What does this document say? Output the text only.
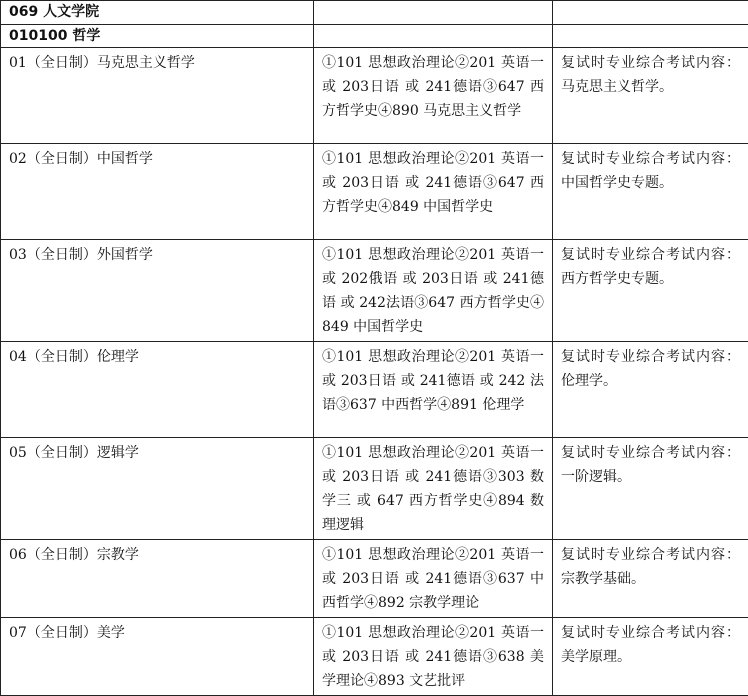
069 人文学院		
010100 哲学		
01（全日制）马克思主义哲学	①101 思想政治理论②201 英语一 或 203日语 或 241德语③647 西方哲学史④890 马克思主义哲学	复试时专业综合考试内容：马克思主义哲学。
02（全日制）中国哲学	①101 思想政治理论②201 英语一 或 203日语 或 241德语③647 西方哲学史④849 中国哲学史	复试时专业综合考试内容：中国哲学史专题。
03（全日制）外国哲学	①101 思想政治理论②201 英语一 或 202俄语 或 203日语 或 241德语 或 242法语③647 西方哲学史④849 中国哲学史	复试时专业综合考试内容：西方哲学史专题。
04（全日制）伦理学	①101 思想政治理论②201 英语一 或 203日语 或 241德语 或 242 法语③637 中西哲学④891 伦理学	复试时专业综合考试内容：伦理学。
05（全日制）逻辑学	①101 思想政治理论②201 英语一 或 203日语 或 241德语③303 数学三 或 647 西方哲学史④894 数理逻辑	复试时专业综合考试内容：一阶逻辑。
06（全日制）宗教学	①101 思想政治理论②201 英语一 或 203日语 或 241德语③637 中西哲学④892 宗教学理论	复试时专业综合考试内容：宗教学基础。
07（全日制）美学	①101 思想政治理论②201 英语一 或 203日语 或 241德语③638 美学理论④893 文艺批评	复试时专业综合考试内容：美学原理。
